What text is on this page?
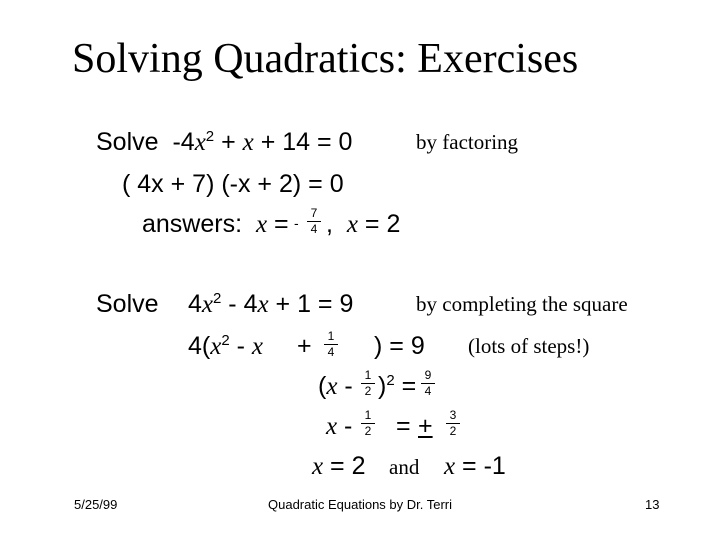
Solving Quadratics: Exercises
Solve $-4x^2 + x + 14 = 0$	by factoring
( 4x + 7) (-x + 2) = 0
answers: x = -
7
4 , x = 2
Solve $4x^2 - 4x + 1 = 9$	by completing the square
$4(x^2$ - x +	1
4 ) = 9 (lots of steps!)
(x - 1
2 )$^2$ = 9
4
x -	1
2 = +	3
2
x = 2 and x = -1
5/25/99	Quadratic Equations by Dr. Terri	13
